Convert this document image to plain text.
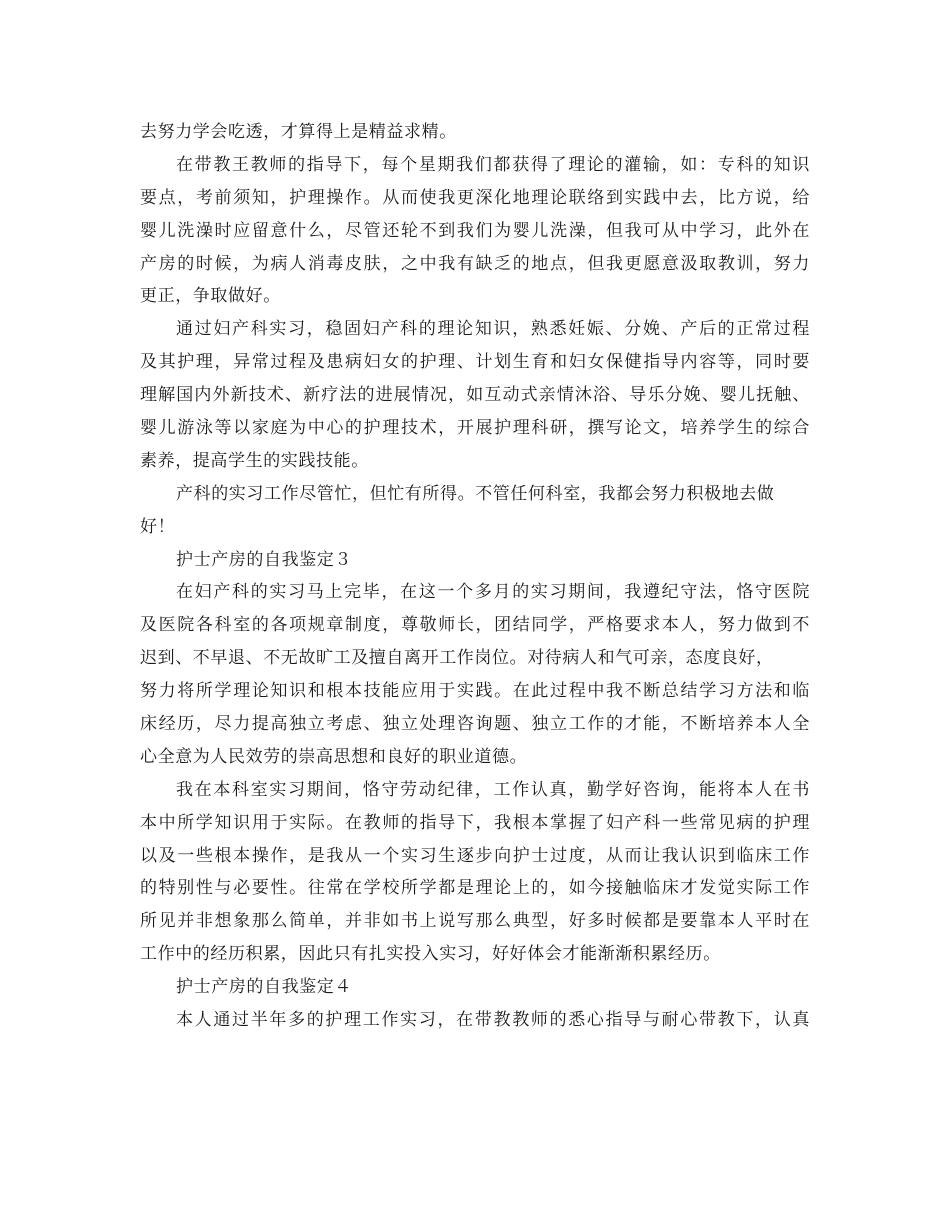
去努力学会吃透，才算得上是精益求精。
在带教王教师的指导下，每个星期我们都获得了理论的灌输，如：专科的知识
要点，考前须知，护理操作。从而使我更深化地理论联络到实践中去，比方说，给
婴儿洗澡时应留意什么，尽管还轮不到我们为婴儿洗澡，但我可从中学习，此外在
产房的时候，为病人消毒皮肤，之中我有缺乏的地点，但我更愿意汲取教训，努力
更正，争取做好。
通过妇产科实习，稳固妇产科的理论知识，熟悉妊娠、分娩、产后的正常过程
及其护理，异常过程及患病妇女的护理、计划生育和妇女保健指导内容等，同时要
理解国内外新技术、新疗法的进展情况，如互动式亲情沐浴、导乐分娩、婴儿抚触、
婴儿游泳等以家庭为中心的护理技术，开展护理科研，撰写论文，培养学生的综合
素养，提高学生的实践技能。
产科的实习工作尽管忙，但忙有所得。不管任何科室，我都会努力积极地去做
好！
护士产房的自我鉴定３
在妇产科的实习马上完毕，在这一个多月的实习期间，我遵纪守法，恪守医院
及医院各科室的各项规章制度，尊敬师长，团结同学，严格要求本人，努力做到不
迟到、不早退、不无故旷工及擅自离开工作岗位。对待病人和气可亲，态度良好，
努力将所学理论知识和根本技能应用于实践。在此过程中我不断总结学习方法和临
床经历，尽力提高独立考虑、独立处理咨询题、独立工作的才能，不断培养本人全
心全意为人民效劳的崇高思想和良好的职业道德。
我在本科室实习期间，恪守劳动纪律，工作认真，勤学好咨询，能将本人在书
本中所学知识用于实际。在教师的指导下，我根本掌握了妇产科一些常见病的护理
以及一些根本操作，是我从一个实习生逐步向护士过度，从而让我认识到临床工作
的特别性与必要性。往常在学校所学都是理论上的，如今接触临床才发觉实际工作
所见并非想象那么简单，并非如书上说写那么典型，好多时候都是要靠本人平时在
工作中的经历积累，因此只有扎实投入实习，好好体会才能渐渐积累经历。
护士产房的自我鉴定４
本人通过半年多的护理工作实习，在带教教师的悉心指导与耐心带教下，认真
